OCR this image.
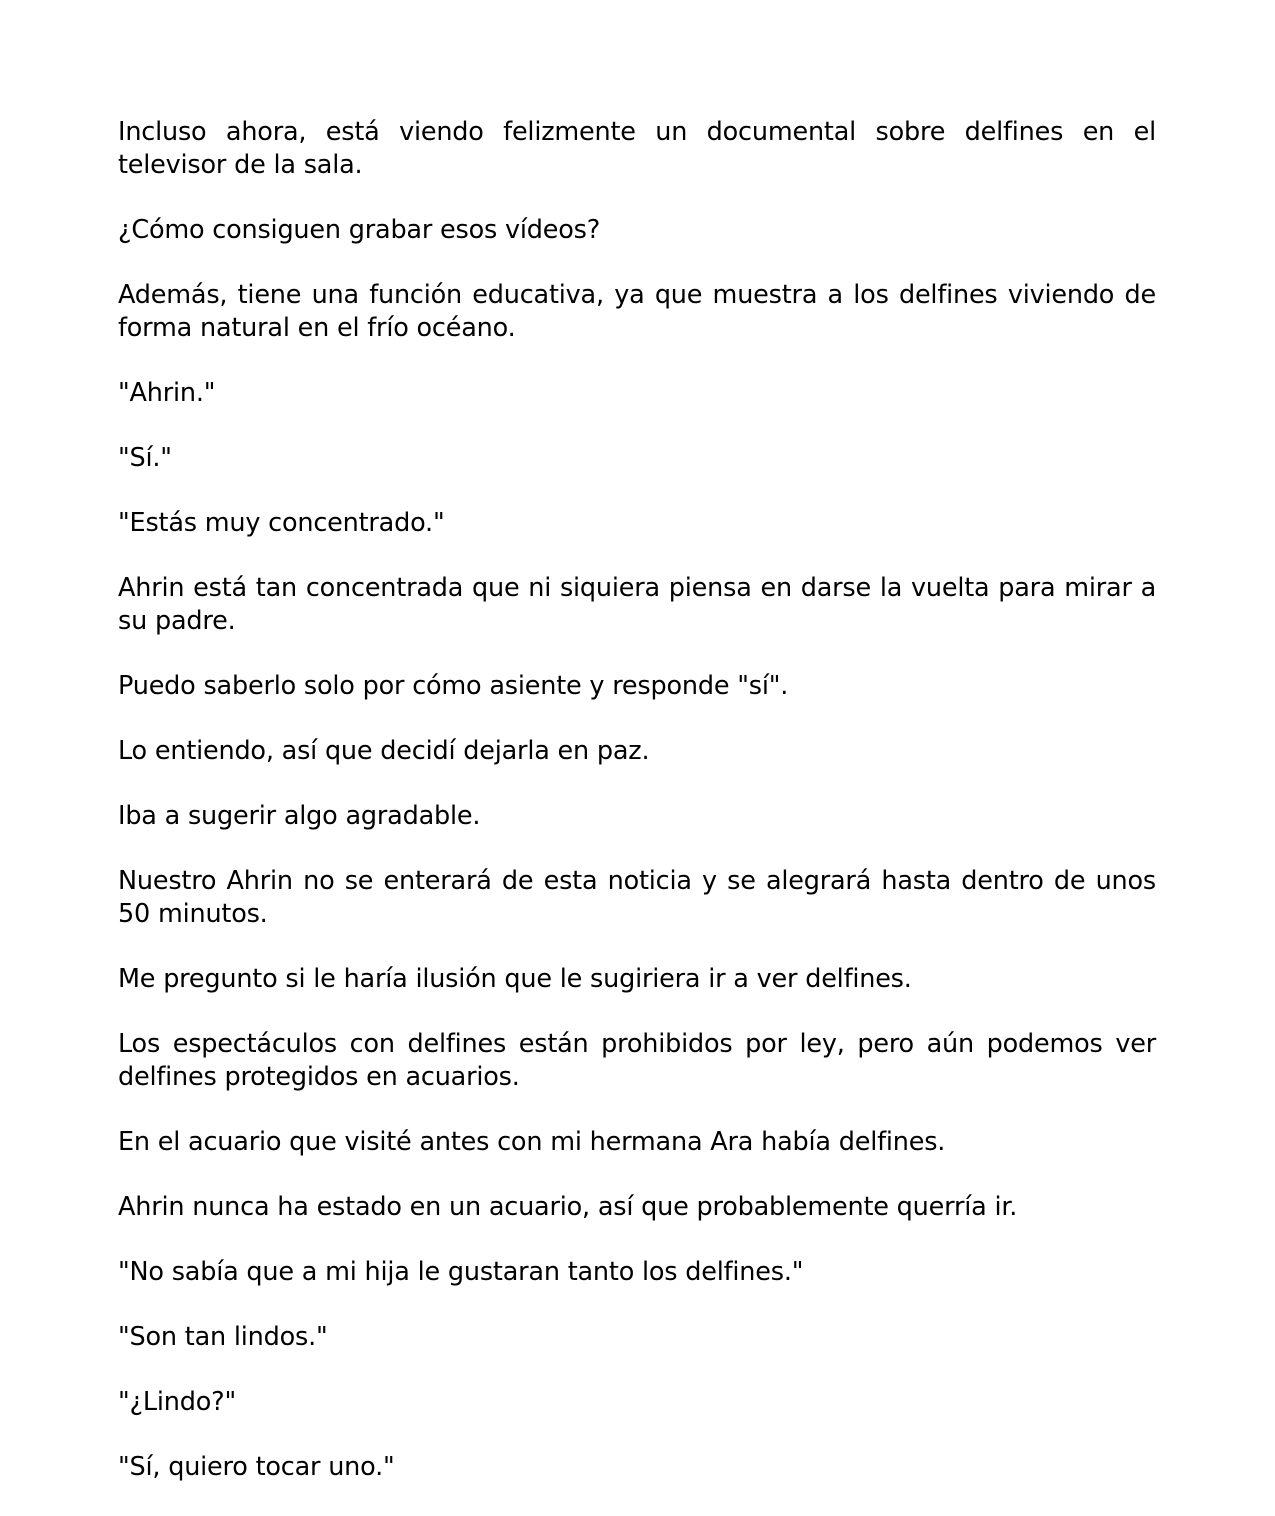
Incluso ahora, está viendo felizmente un documental sobre delfines en el televisor de la sala.

¿Cómo consiguen grabar esos vídeos?

Además, tiene una función educativa, ya que muestra a los delfines viviendo de forma natural en el frío océano.

"Ahrin."

"Sí."

"Estás muy concentrado."

Ahrin está tan concentrada que ni siquiera piensa en darse la vuelta para mirar a su padre.

Puedo saberlo solo por cómo asiente y responde "sí".

Lo entiendo, así que decidí dejarla en paz.

Iba a sugerir algo agradable.

Nuestro Ahrin no se enterará de esta noticia y se alegrará hasta dentro de unos 50 minutos.

Me pregunto si le haría ilusión que le sugiriera ir a ver delfines.

Los espectáculos con delfines están prohibidos por ley, pero aún podemos ver delfines protegidos en acuarios.

En el acuario que visité antes con mi hermana Ara había delfines.

Ahrin nunca ha estado en un acuario, así que probablemente querría ir.

"No sabía que a mi hija le gustaran tanto los delfines."

"Son tan lindos."

"¿Lindo?"

"Sí, quiero tocar uno."
